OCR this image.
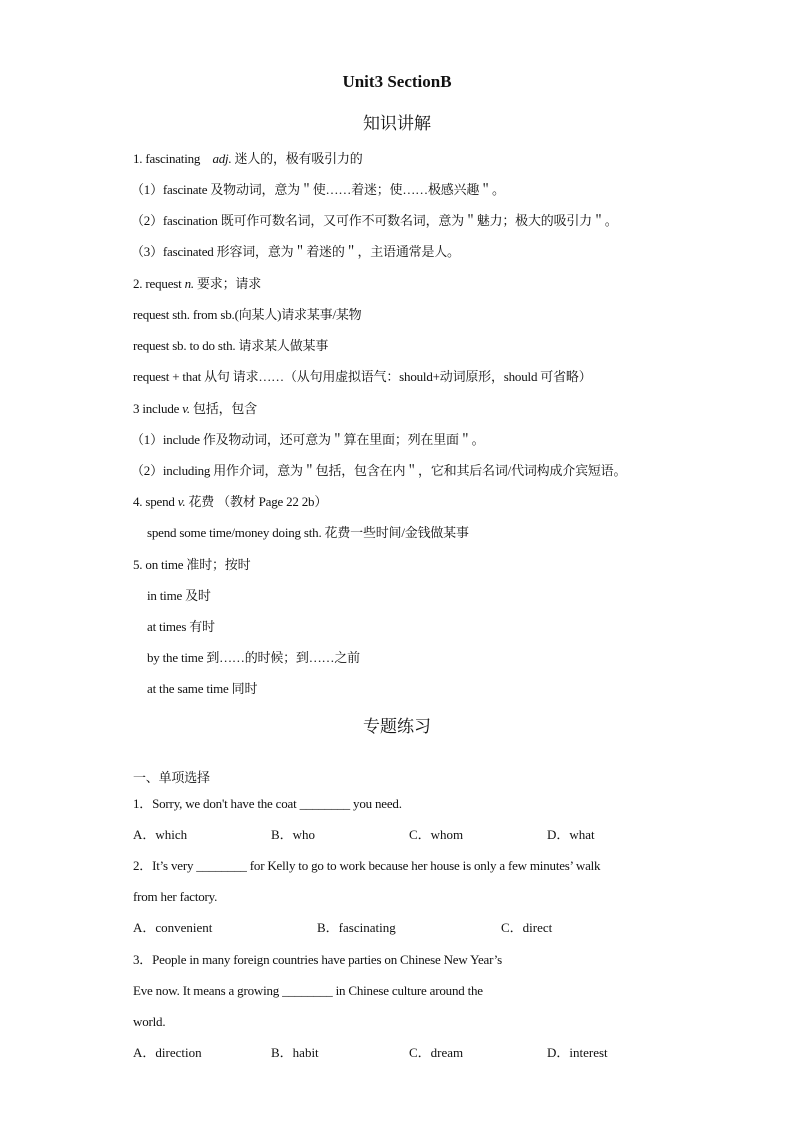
Unit3 SectionB
知识讲解
1. fascinating adj. 迷人的，极有吸引力的
（1）fascinate 及物动词，意为＂使……着迷；使……极感兴趣＂。
（2）fascination 既可作可数名词，又可作不可数名词，意为＂魅力；极大的吸引力＂。
（3）fascinated 形容词，意为＂着迷的＂，主语通常是人。
2. request n. 要求；请求
request sth. from sb.(向某人)请求某事/某物
request sb. to do sth. 请求某人做某事
request + that 从句 请求……（从句用虚拟语气：should+动词原形，should 可省略）
3 include v. 包括，包含
（1）include 作及物动词，还可意为＂算在里面；列在里面＂。
（2）including 用作介词，意为＂包括，包含在内＂，它和其后名词/代词构成介宾短语。
4. spend v. 花费 （教材 Page 22 2b）
spend some time/money doing sth. 花费一些时间/金钱做某事
5. on time 准时；按时
in time 及时
at times 有时
by the time 到……的时候；到……之前
at the same time 同时
专题练习
一、单项选择
1．Sorry, we don't have the coat ________ you need.
A．which	B．who	C．whom	D．what
2．It’s very ________ for Kelly to go to work because her house is only a few minutes’ walk
from her factory.
A．convenient	B．fascinating	C．direct
3．People in many foreign countries have parties on Chinese New Year’s
Eve now. It means a growing ________ in Chinese culture around the
world.
A．direction	B．habit	C．dream	D．interest
